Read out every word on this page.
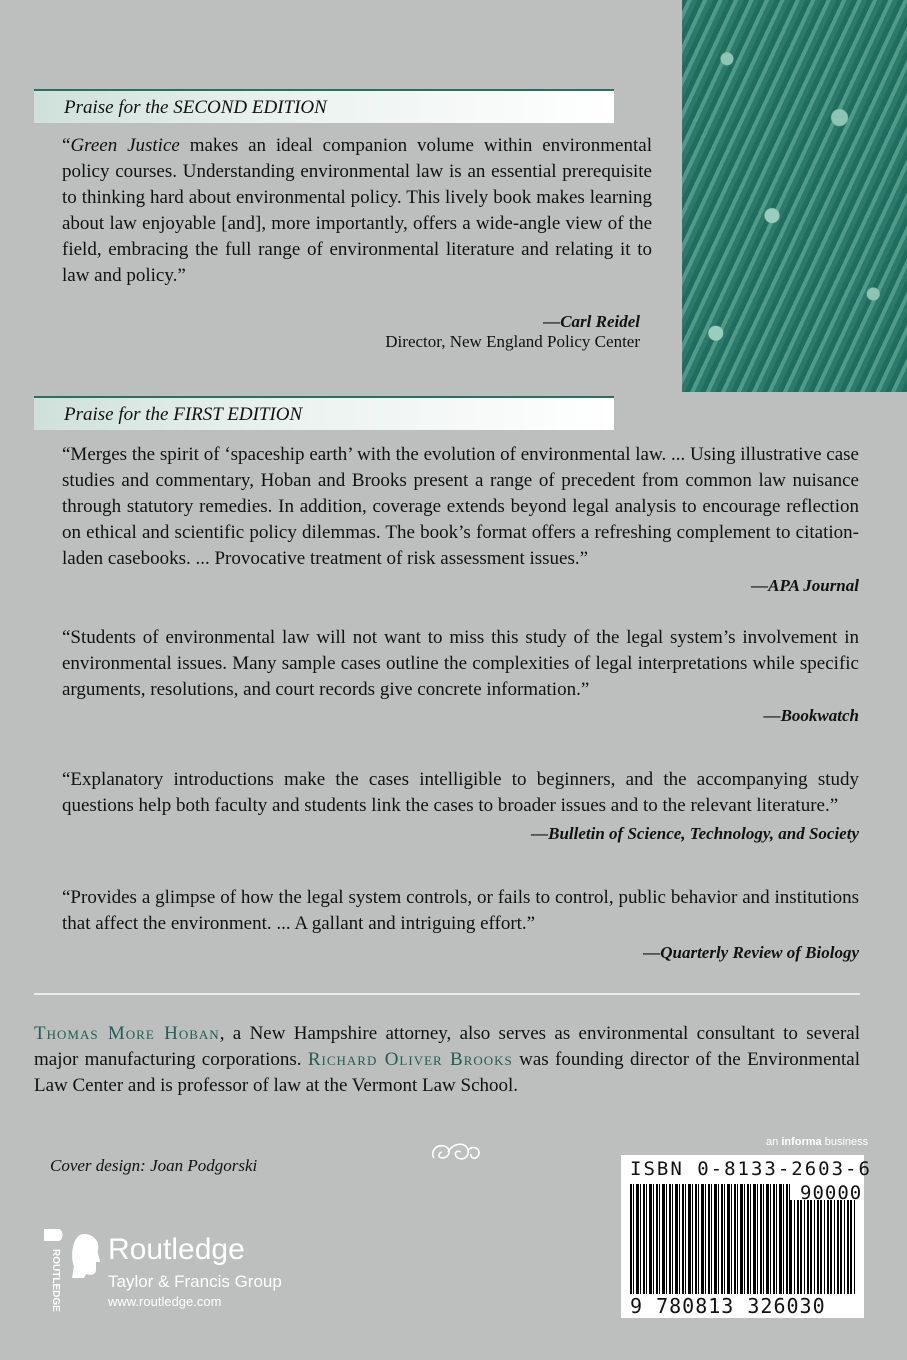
Praise for the SECOND EDITION
“Green Justice makes an ideal companion volume within environmental policy courses. Understanding environmental law is an essential prerequisite to thinking hard about environmental policy. This lively book makes learning about law enjoyable [and], more importantly, offers a wide-angle view of the field, embracing the full range of environmental literature and relating it to law and policy.”
—Carl Reidel
Director, New England Policy Center
Praise for the FIRST EDITION
“Merges the spirit of ‘spaceship earth’ with the evolution of environmental law. ... Using illustrative case studies and commentary, Hoban and Brooks present a range of precedent from common law nuisance through statutory remedies. In addition, coverage extends beyond legal analysis to encourage reflection on ethical and scientific policy dilemmas. The book’s format offers a refreshing complement to citation-laden casebooks. ... Provocative treatment of risk assessment issues.”
—APA Journal
“Students of environmental law will not want to miss this study of the legal system’s involvement in environmental issues. Many sample cases outline the complexities of legal interpretations while specific arguments, resolutions, and court records give concrete information.”
—Bookwatch
“Explanatory introductions make the cases intelligible to beginners, and the accompanying study questions help both faculty and students link the cases to broader issues and to the relevant literature.”
—Bulletin of Science, Technology, and Society
“Provides a glimpse of how the legal system controls, or fails to control, public behavior and institutions that affect the environment. ... A gallant and intriguing effort.”
—Quarterly Review of Biology
Thomas More Hoban, a New Hampshire attorney, also serves as environmental consultant to several major manufacturing corporations. Richard Oliver Brooks was founding director of the Environmental Law Center and is professor of law at the Vermont Law School.
Cover design: Joan Podgorski
ROUTLEDGE Routledge
Taylor & Francis Group
www.routledge.com
an informa business
ISBN 0-8133-2603-6
90000
9 780813 326030
